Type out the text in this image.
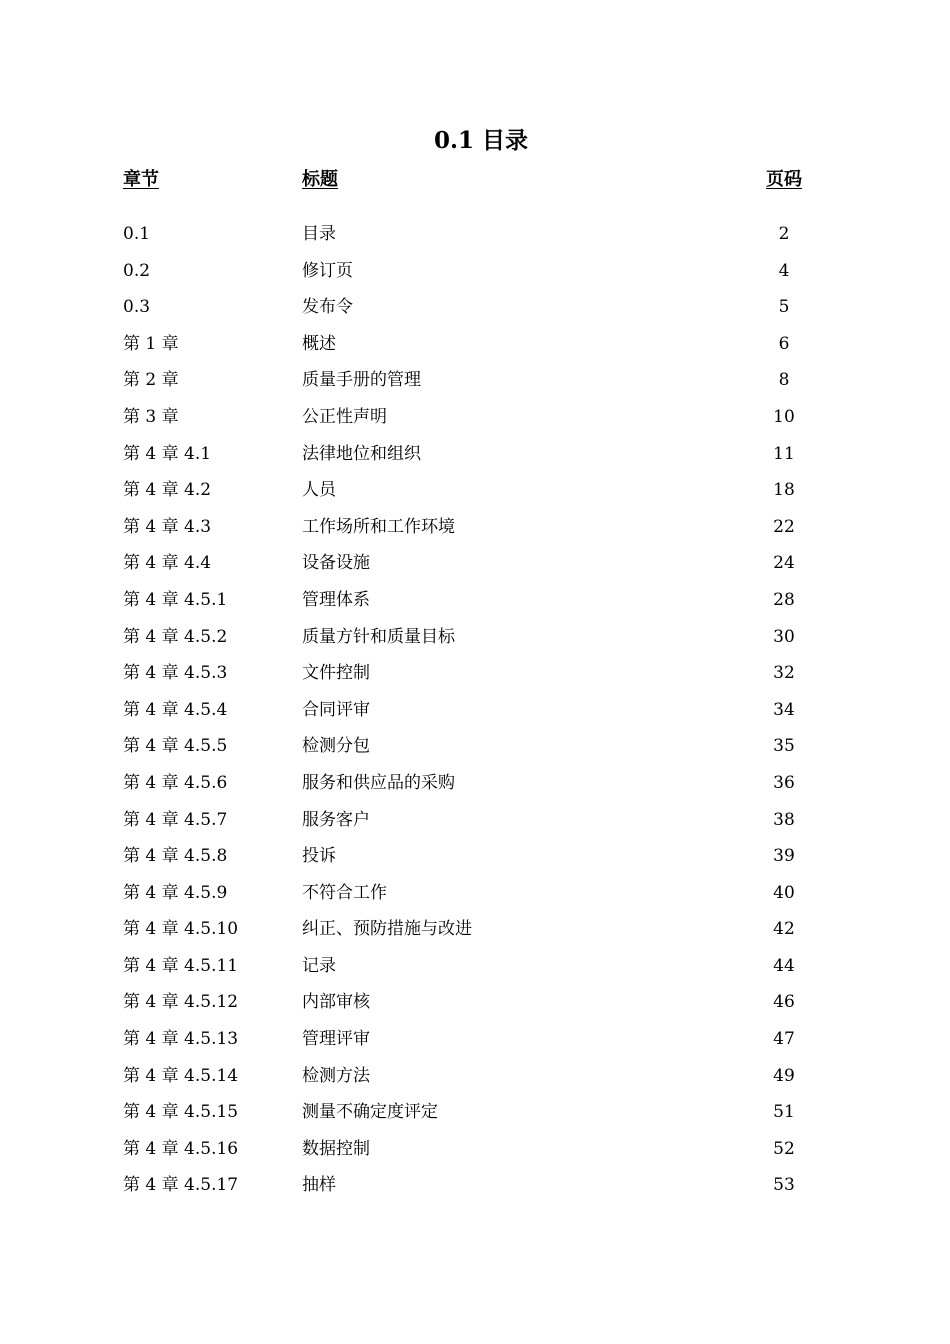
0.1 目录
章节	标题	页码
0.1	目录	2
0.2	修订页	4
0.3	发布令	5
第 1 章	概述	6
第 2 章	质量手册的管理	8
第 3 章	公正性声明	10
第 4 章 4.1	法律地位和组织	11
第 4 章 4.2	人员	18
第 4 章 4.3	工作场所和工作环境	22
第 4 章 4.4	设备设施	24
第 4 章 4.5.1	管理体系	28
第 4 章 4.5.2	质量方针和质量目标	30
第 4 章 4.5.3	文件控制	32
第 4 章 4.5.4	合同评审	34
第 4 章 4.5.5	检测分包	35
第 4 章 4.5.6	服务和供应品的采购	36
第 4 章 4.5.7	服务客户	38
第 4 章 4.5.8	投诉	39
第 4 章 4.5.9	不符合工作	40
第 4 章 4.5.10	纠正、预防措施与改进	42
第 4 章 4.5.11	记录	44
第 4 章 4.5.12	内部审核	46
第 4 章 4.5.13	管理评审	47
第 4 章 4.5.14	检测方法	49
第 4 章 4.5.15	测量不确定度评定	51
第 4 章 4.5.16	数据控制	52
第 4 章 4.5.17	抽样	53
